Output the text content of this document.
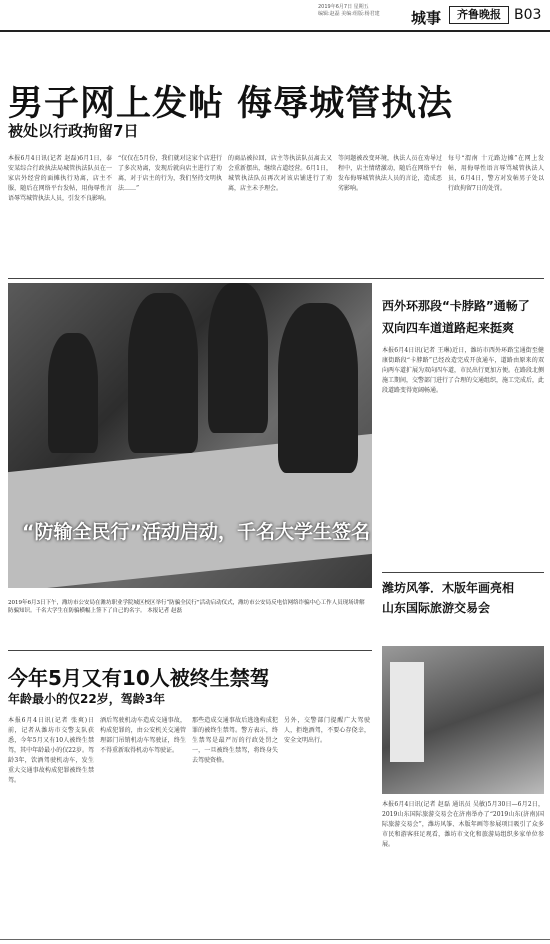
2019年6月7日 星期五
编辑:赵磊 美编:组版:杨君建	城事	齐鲁晚报 B03
男子网上发帖 侮辱城管执法
被处以行政拘留7日
本报6月4日讯(记者 赵磊)6月1日，泰安某综合行政执法局城管执法队员在一家店外经营的面摊执行劝离，店主不服，随后在网络平台发帖，用侮辱性言语辱骂城管执法人员，引发不良影响。
“仅仅在5月份，我们就对这家个店进行了多次劝离，发现后就向店主进行了劝离，对于店主的行为，我们坚持文明执法……”
的商品被拉回，店主等执法队员离去又会重新摆出，继续占道经营。6月1日，城管执法队员再次对该店铺进行了劝离，店主未予理会。
等问题被改变环境，执法人员在劝导过程中，店主情绪激动，随后在网络平台发布侮辱城管执法人员的言论，造成恶劣影响。
每号“渭南 十元路边摊”在网上发帖，用侮辱性语言辱骂城管执法人员，6月4日，警方对发帖男子处以行政拘留7日的处罚。
“防输全民行”活动启动，千名大学生签名
2019年6月3日下午，潍坊市公安局在潍坊职业学院城区校区举行“防骗全民行”活动启动仪式，潍坊市公安局反电信网络诈骗中心工作人员现场讲解防骗知识。千名大学生在防骗横幅上签下了自己的名字。 本报记者 赵磊
西外环那段“卡脖路”通畅了
双向四车道道路起来挺爽
本报6月4日讯(记者 王琳)近日，潍坊市西外环路宝通街至健康街路段“卡脖路”已经改造完成开放通车，道路由原来的双向两车道扩展为双向四车道，市民出行更加方便。在路段北侧施工期间，交警部门进行了合理的交通组织，施工完成后，此段道路变得宽阔畅通。
潍坊风筝．木版年画亮相
山东国际旅游交易会
本报6月4日讯(记者 赵磊 通讯员 吴敏)5月30日—6月2日，2019山东国际旅游交易会在济南举办了“2019山东(济南)国际旅游交易会”，潍坊风筝、木版年画等参展项目吸引了众多市民和游客驻足观看，潍坊市文化和旅游局组织多家单位参展。
今年5月又有10人被终生禁驾
年龄最小的仅22岁，驾龄3年
本报6月4日讯(记者 张爽)日前，记者从潍坊市交警支队获悉，今年5月又有10人被终生禁驾，其中年龄最小的仅22岁。驾龄3年，饮酒驾驶机动车，发生重大交通事故构成犯罪被终生禁驾。
酒后驾驶机动车造成交通事故，构成犯罪的，由公安机关交通管理部门吊销机动车驾驶证，终生不得重新取得机动车驾驶证。
那些造成交通事故后逃逸构成犯罪的被终生禁驾。警方表示，终生禁驾是最严厉的行政处罚之一，一旦被终生禁驾，将终身失去驾驶资格。
另外，交警部门提醒广大驾驶人，拒绝酒驾，不要心存侥幸，安全文明出行。
